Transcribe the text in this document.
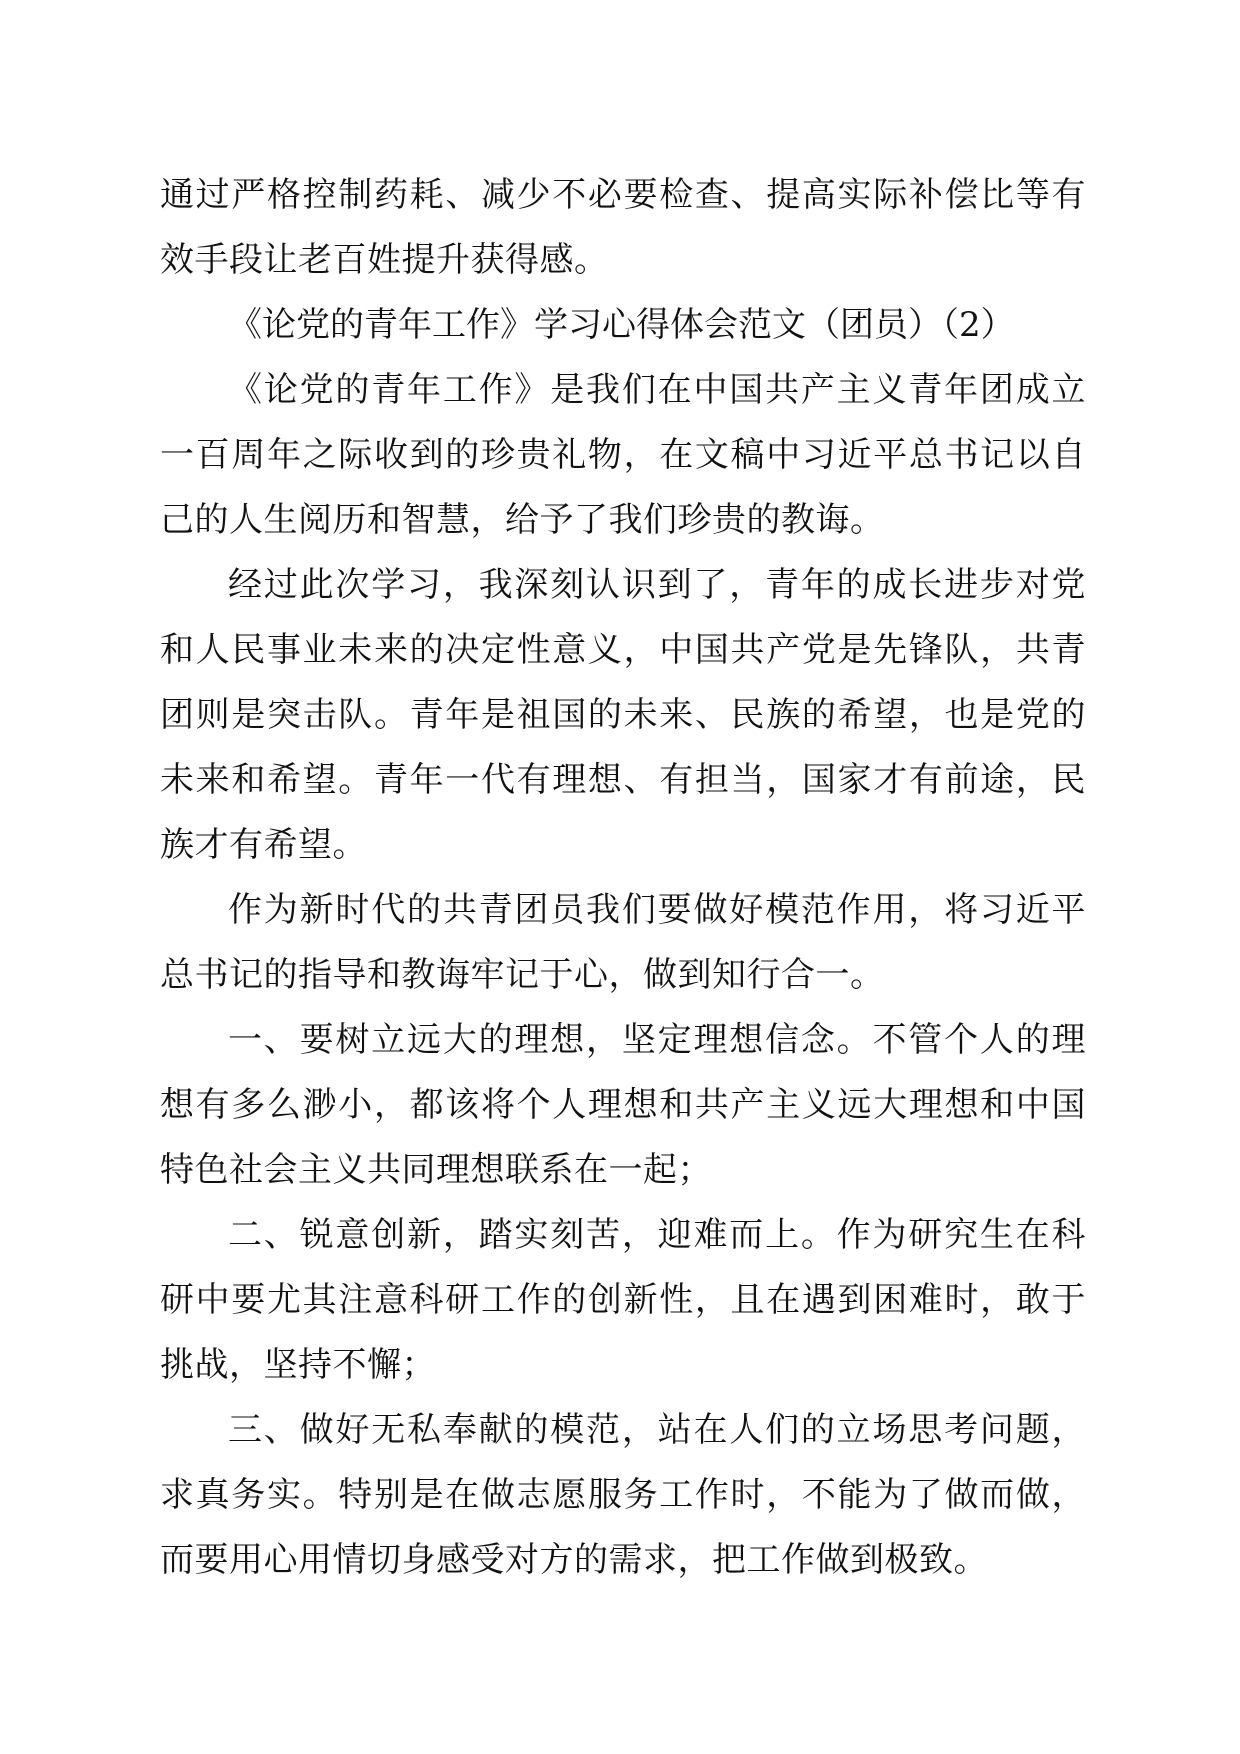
通过严格控制药耗、减少不必要检查、提高实际补偿比等有效手段让老百姓提升获得感。

《论党的青年工作》学习心得体会范文（团员）（2）

《论党的青年工作》是我们在中国共产主义青年团成立一百周年之际收到的珍贵礼物，在文稿中习近平总书记以自己的人生阅历和智慧，给予了我们珍贵的教诲。

经过此次学习，我深刻认识到了，青年的成长进步对党和人民事业未来的决定性意义，中国共产党是先锋队，共青团则是突击队。青年是祖国的未来、民族的希望，也是党的未来和希望。青年一代有理想、有担当，国家才有前途，民族才有希望。

作为新时代的共青团员我们要做好模范作用，将习近平总书记的指导和教诲牢记于心，做到知行合一。

一、要树立远大的理想，坚定理想信念。不管个人的理想有多么渺小，都该将个人理想和共产主义远大理想和中国特色社会主义共同理想联系在一起；

二、锐意创新，踏实刻苦，迎难而上。作为研究生在科研中要尤其注意科研工作的创新性，且在遇到困难时，敢于挑战，坚持不懈；

三、做好无私奉献的模范，站在人们的立场思考问题，求真务实。特别是在做志愿服务工作时，不能为了做而做，而要用心用情切身感受对方的需求，把工作做到极致。
